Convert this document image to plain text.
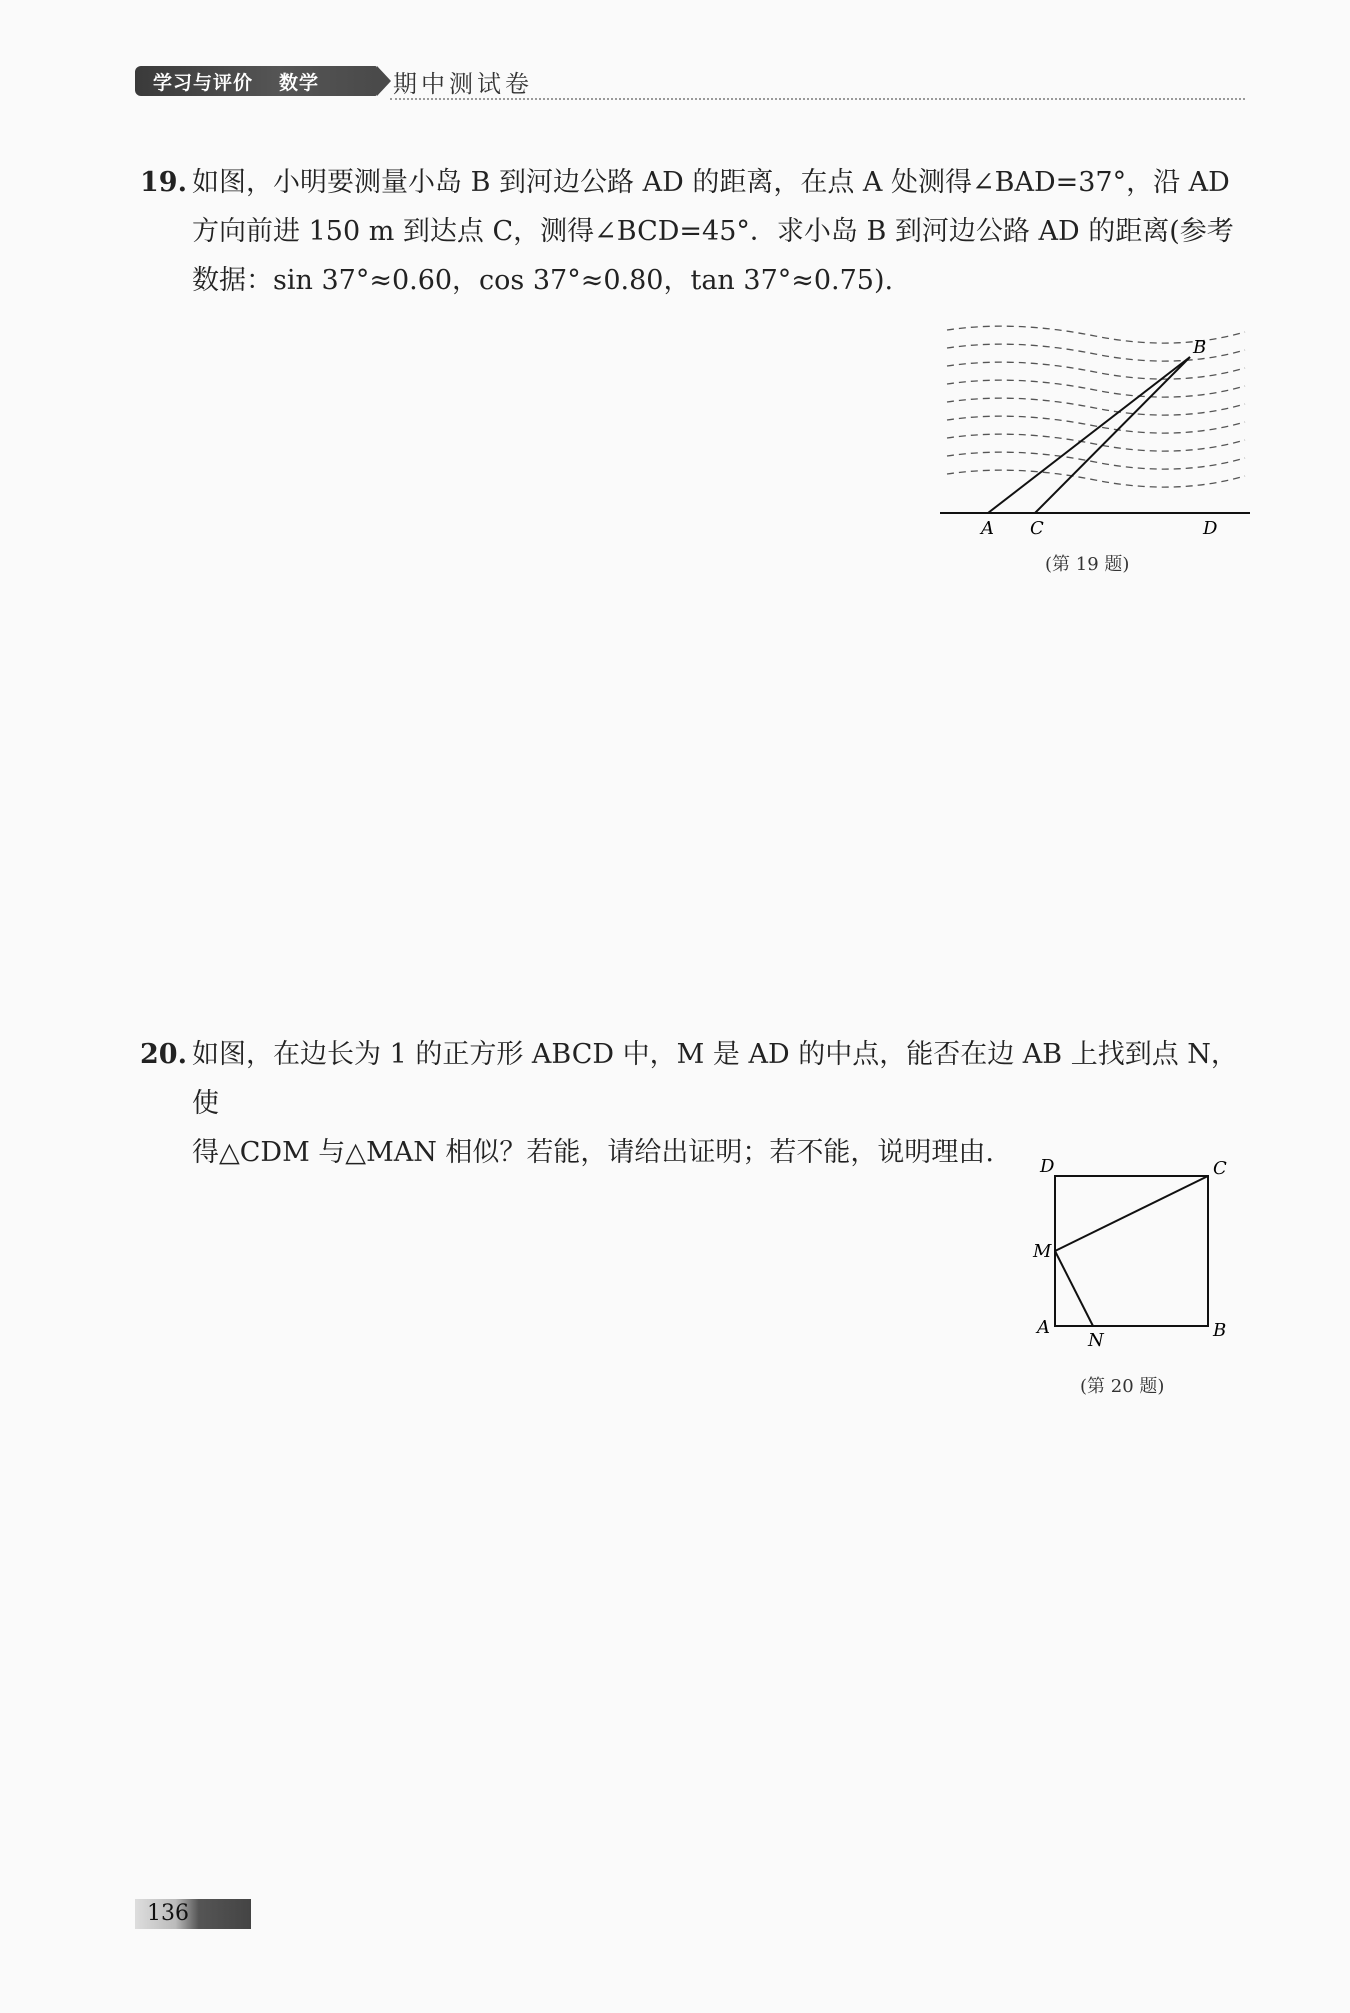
学习与评价 数学	期中测试卷
19. 如图，小明要测量小岛 B 到河边公路 AD 的距离，在点 A 处测得∠BAD=37°，沿 AD

方向前进 150 m 到达点 C，测得∠BCD=45°．求小岛 B 到河边公路 AD 的距离(参考

数据：sin 37°≈0.60，cos 37°≈0.80，tan 37°≈0.75).

B
A C	D
(第 19 题)
20. 如图，在边长为 1 的正方形 ABCD 中，M 是 AD 的中点，能否在边 AB 上找到点 N，使

得△CDM 与△MAN 相似？若能，请给出证明；若不能，说明理由.	D	C
M
A
N	B
(第 20 题)
136
